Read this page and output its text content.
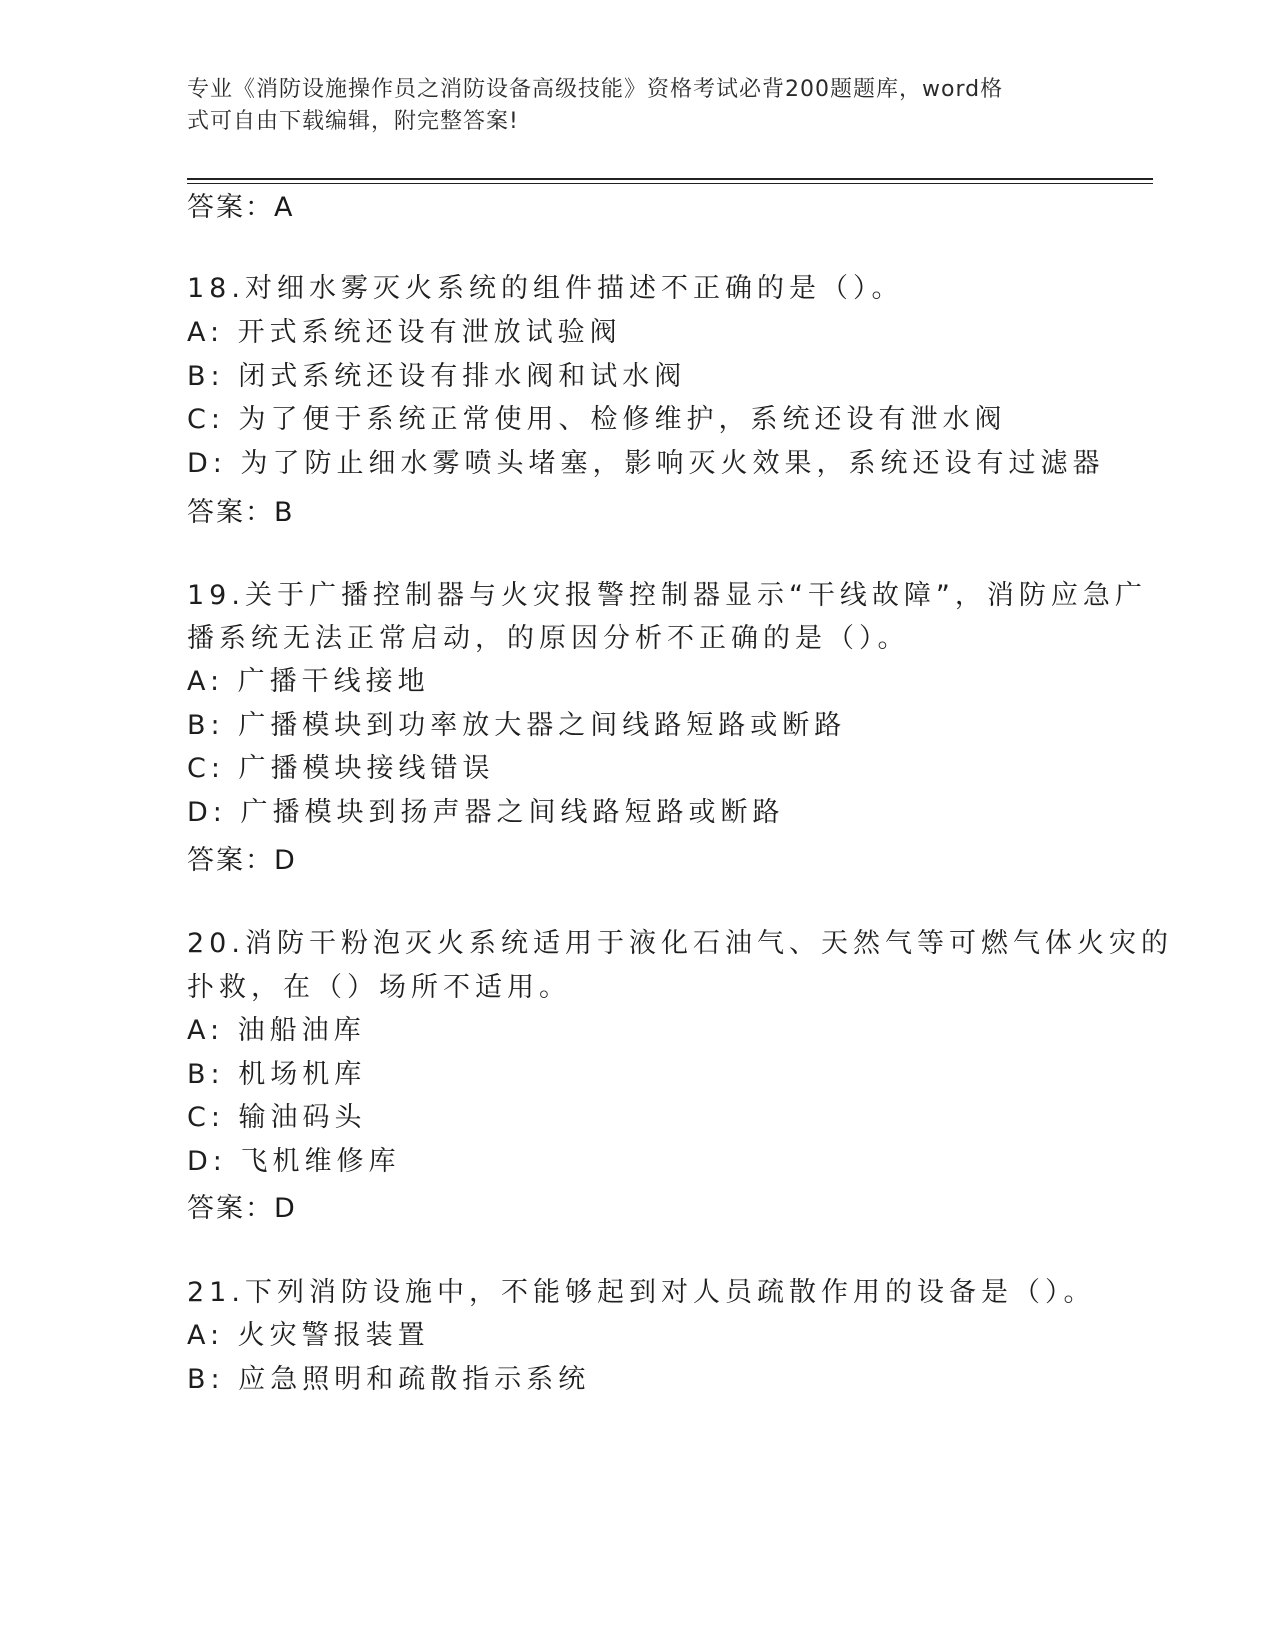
专业《消防设施操作员之消防设备高级技能》资格考试必背200题题库，word格
式可自由下载编辑，附完整答案!
答案：A
18.对细水雾灭火系统的组件描述不正确的是（）。
A: 开式系统还设有泄放试验阀
B: 闭式系统还设有排水阀和试水阀
C: 为了便于系统正常使用、检修维护，系统还设有泄水阀
D: 为了防止细水雾喷头堵塞，影响灭火效果，系统还设有过滤器
答案：B
19.关于广播控制器与火灾报警控制器显示“干线故障”，消防应急广
播系统无法正常启动，的原因分析不正确的是（）。
A: 广播干线接地
B: 广播模块到功率放大器之间线路短路或断路
C: 广播模块接线错误
D: 广播模块到扬声器之间线路短路或断路
答案：D
20.消防干粉泡灭火系统适用于液化石油气、天然气等可燃气体火灾的
扑救，在（）场所不适用。
A: 油船油库
B: 机场机库
C: 输油码头
D: 飞机维修库
答案：D
21.下列消防设施中，不能够起到对人员疏散作用的设备是（）。
A: 火灾警报装置
B: 应急照明和疏散指示系统
